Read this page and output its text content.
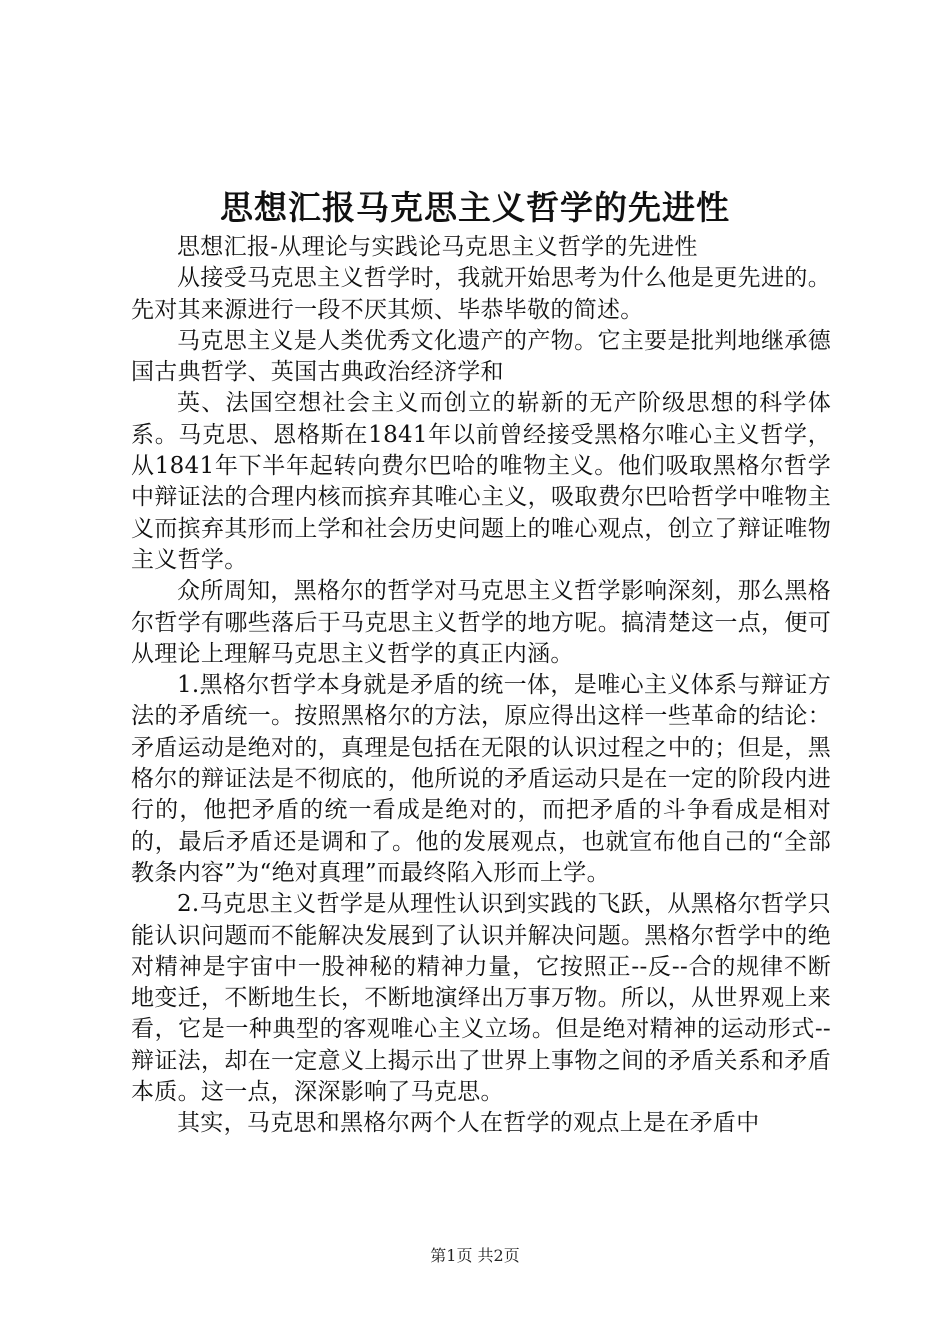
思想汇报马克思主义哲学的先进性

思想汇报-从理论与实践论马克思主义哲学的先进性

从接受马克思主义哲学时，我就开始思考为什么他是更先进的。先对其来源进行一段不厌其烦、毕恭毕敬的简述。

马克思主义是人类优秀文化遗产的产物。它主要是批判地继承德国古典哲学、英国古典政治经济学和

英、法国空想社会主义而创立的崭新的无产阶级思想的科学体系。马克思、恩格斯在1841年以前曾经接受黑格尔唯心主义哲学，从1841年下半年起转向费尔巴哈的唯物主义。他们吸取黑格尔哲学中辩证法的合理内核而摈弃其唯心主义，吸取费尔巴哈哲学中唯物主义而摈弃其形而上学和社会历史问题上的唯心观点，创立了辩证唯物主义哲学。

众所周知，黑格尔的哲学对马克思主义哲学影响深刻，那么黑格尔哲学有哪些落后于马克思主义哲学的地方呢。搞清楚这一点，便可从理论上理解马克思主义哲学的真正内涵。

1.黑格尔哲学本身就是矛盾的统一体，是唯心主义体系与辩证方法的矛盾统一。按照黑格尔的方法，原应得出这样一些革命的结论：矛盾运动是绝对的，真理是包括在无限的认识过程之中的；但是，黑格尔的辩证法是不彻底的，他所说的矛盾运动只是在一定的阶段内进行的，他把矛盾的统一看成是绝对的，而把矛盾的斗争看成是相对的，最后矛盾还是调和了。他的发展观点，也就宣布他自己的“全部教条内容”为“绝对真理”而最终陷入形而上学。

2.马克思主义哲学是从理性认识到实践的飞跃，从黑格尔哲学只能认识问题而不能解决发展到了认识并解决问题。黑格尔哲学中的绝对精神是宇宙中一股神秘的精神力量，它按照正--反--合的规律不断地变迁，不断地生长，不断地演绎出万事万物。所以，从世界观上来看，它是一种典型的客观唯心主义立场。但是绝对精神的运动形式--辩证法，却在一定意义上揭示出了世界上事物之间的矛盾关系和矛盾本质。这一点，深深影响了马克思。

其实，马克思和黑格尔两个人在哲学的观点上是在矛盾中

第1页 共2页
